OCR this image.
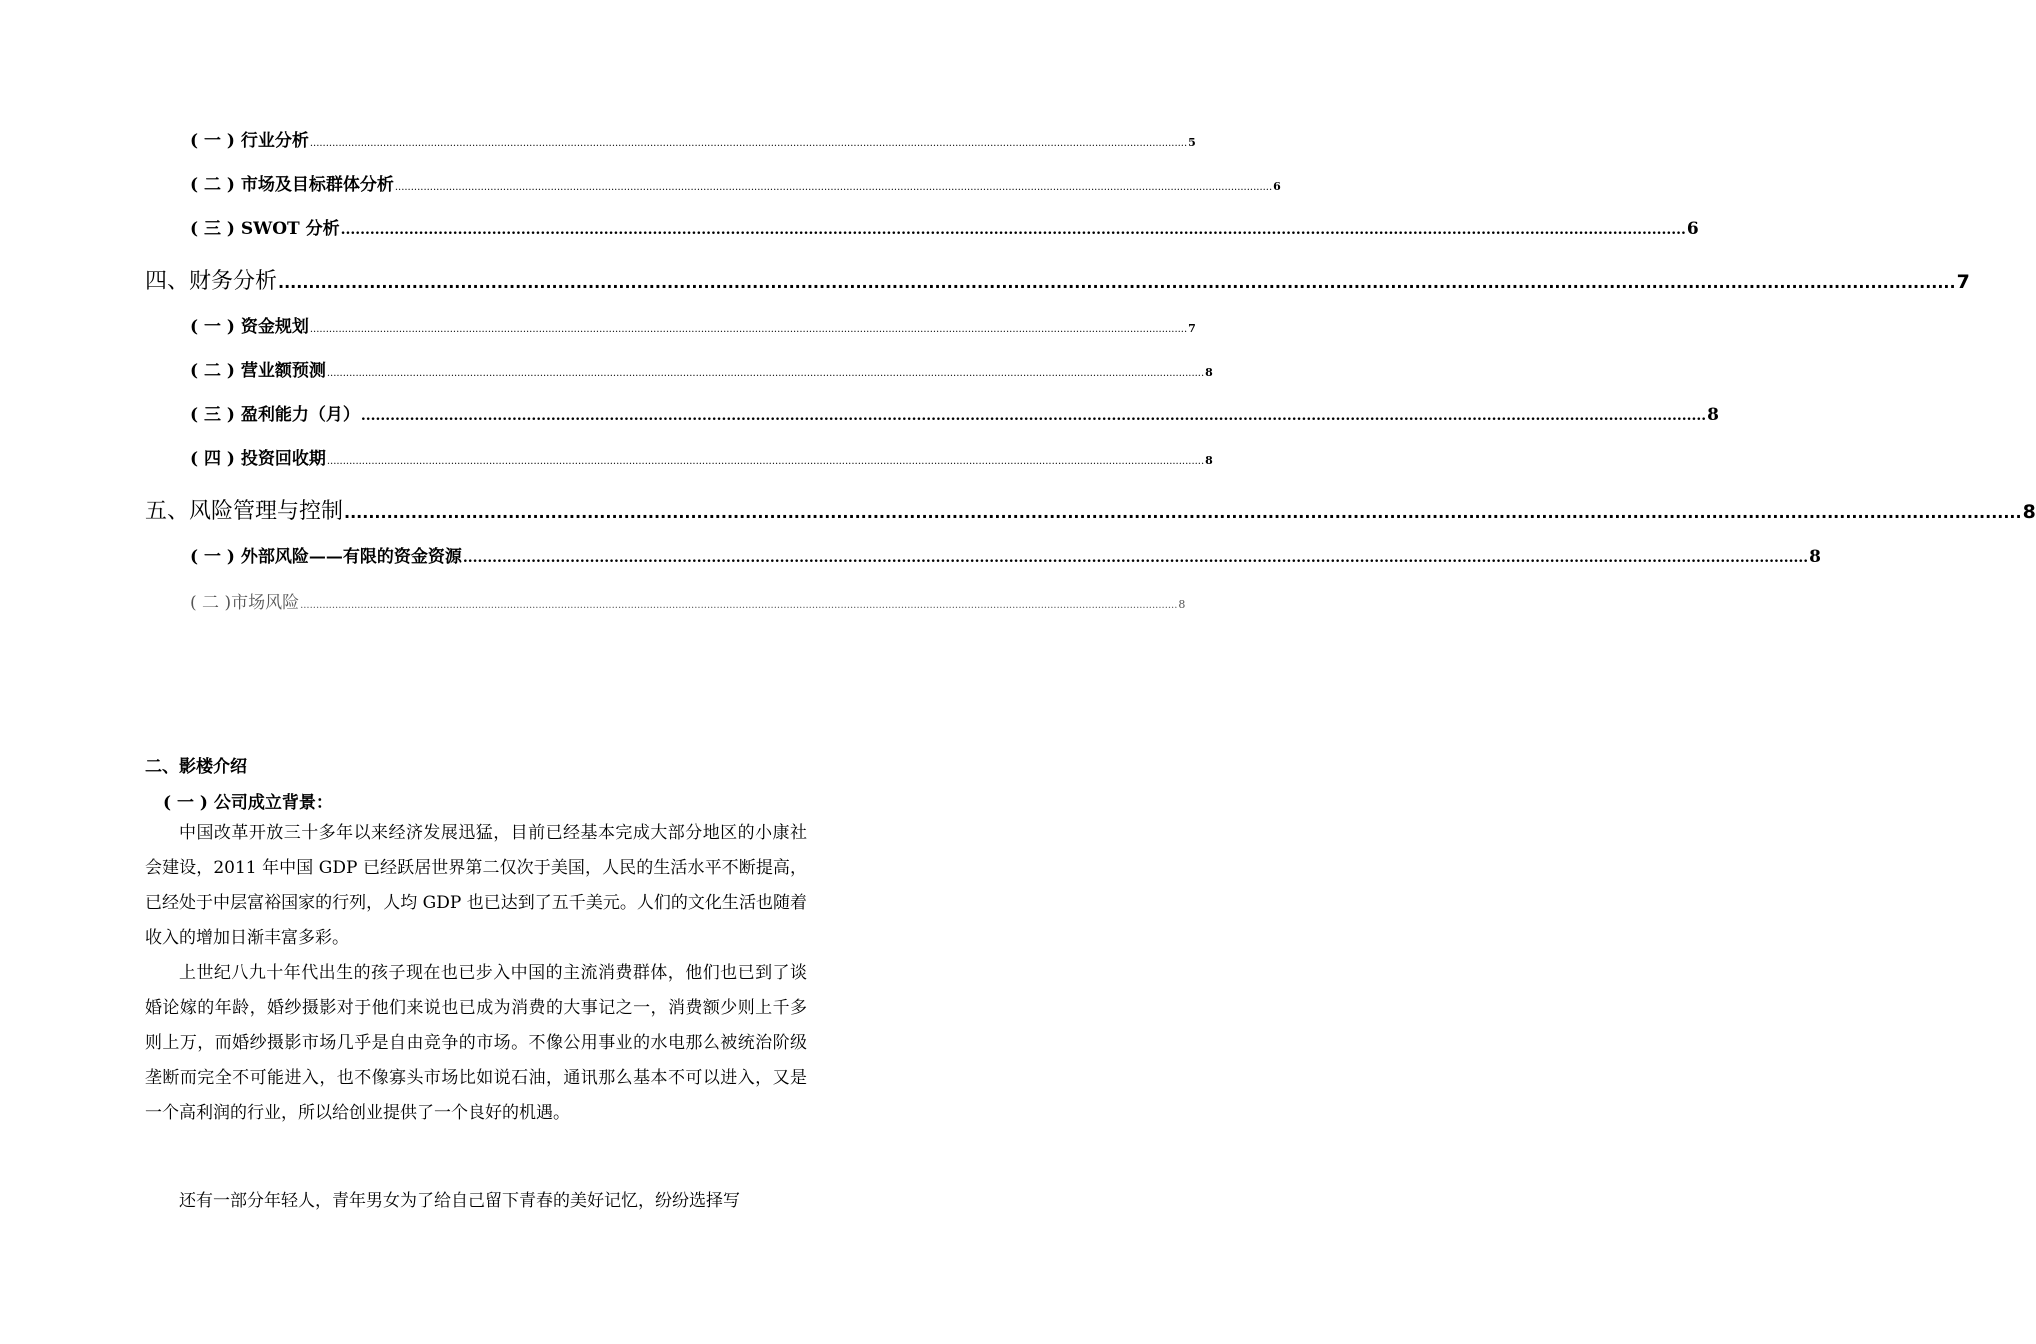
( 一 ) 行业分析 .................................................................................................................................................................................................................................................................................... 5
( 二 ) 市场及目标群体分析 .................................................................................................................................................................................................................................................................................... 6
( 三 ) SWOT 分析 .................................................................................................................................................................................................................................................................................... 6
四、财务分析 .................................................................................................................................................................................................................................................................................... 7
( 一 ) 资金规划 .................................................................................................................................................................................................................................................................................... 7
( 二 ) 营业额预测 .................................................................................................................................................................................................................................................................................... 8
( 三 ) 盈利能力（月） .................................................................................................................................................................................................................................................................................... 8
( 四 ) 投资回收期 .................................................................................................................................................................................................................................................................................... 8
五、风险管理与控制 .................................................................................................................................................................................................................................................................................... 8
( 一 ) 外部风险——有限的资金资源 .................................................................................................................................................................................................................................................................................... 8
( 二 )市场风险 .................................................................................................................................................................................................................................................................................... 8
二、影楼介绍
( 一 ) 公司成立背景：
中国改革开放三十多年以来经济发展迅猛，目前已经基本完成大部分地区的小康社会建设，2011 年中国 GDP 已经跃居世界第二仅次于美国，人民的生活水平不断提高，已经处于中层富裕国家的行列，人均 GDP 也已达到了五千美元。人们的文化生活也随着收入的增加日渐丰富多彩。
上世纪八九十年代出生的孩子现在也已步入中国的主流消费群体，他们也已到了谈婚论嫁的年龄，婚纱摄影对于他们来说也已成为消费的大事记之一，消费额少则上千多则上万，而婚纱摄影市场几乎是自由竞争的市场。不像公用事业的水电那么被统治阶级垄断而完全不可能进入，也不像寡头市场比如说石油，通讯那么基本不可以进入，又是一个高利润的行业，所以给创业提供了一个良好的机遇。
还有一部分年轻人，青年男女为了给自己留下青春的美好记忆，纷纷选择写
